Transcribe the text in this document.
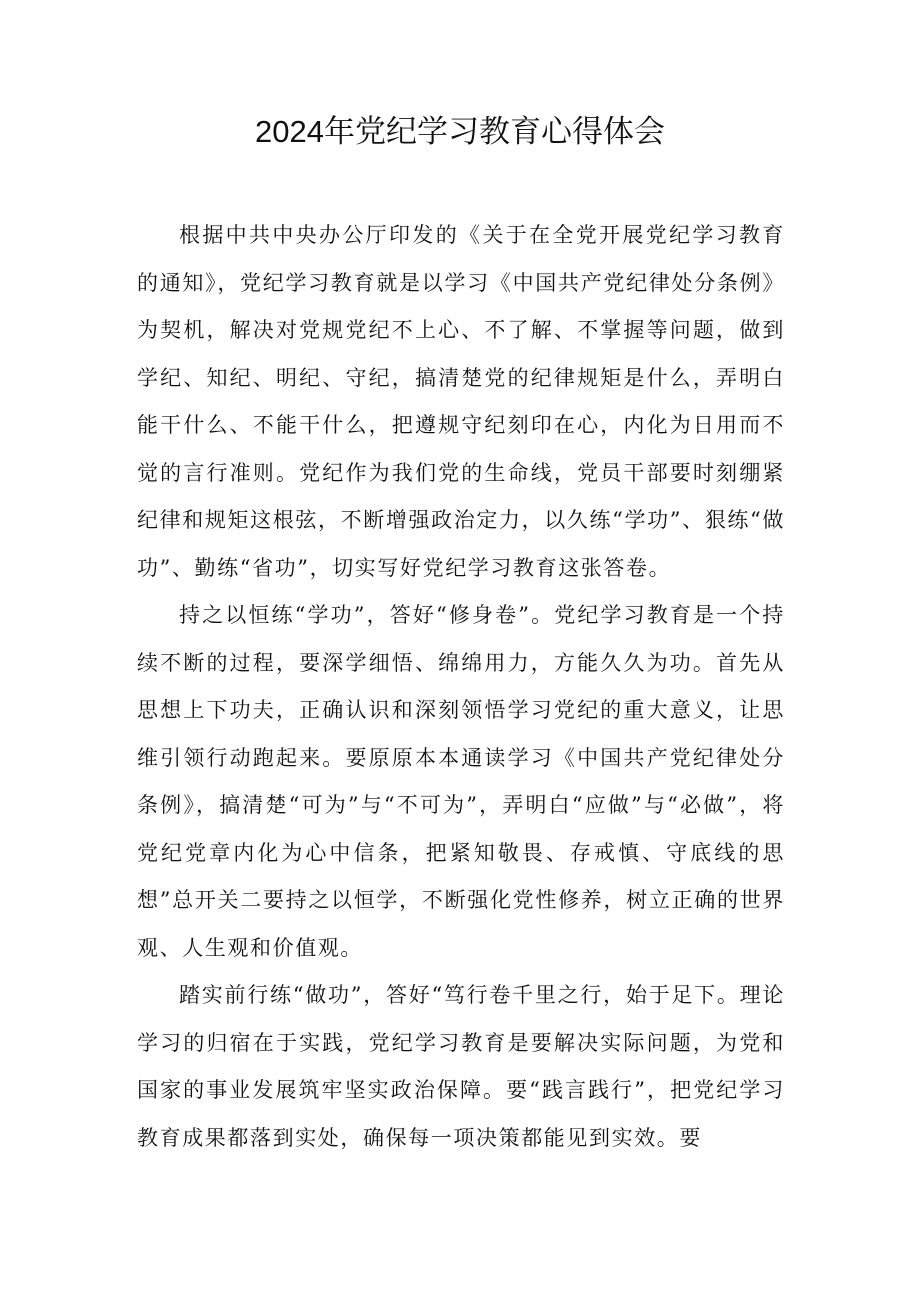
2024年党纪学习教育心得体会

根据中共中央办公厅印发的《关于在全党开展党纪学习教育的通知》，党纪学习教育就是以学习《中国共产党纪律处分条例》为契机，解决对党规党纪不上心、不了解、不掌握等问题，做到学纪、知纪、明纪、守纪，搞清楚党的纪律规矩是什么，弄明白能干什么、不能干什么，把遵规守纪刻印在心，内化为日用而不觉的言行准则。党纪作为我们党的生命线，党员干部要时刻绷紧纪律和规矩这根弦，不断增强政治定力，以久练“学功”、狠练“做功”、勤练“省功”，切实写好党纪学习教育这张答卷。

持之以恒练“学功”，答好“修身卷”。党纪学习教育是一个持续不断的过程，要深学细悟、绵绵用力，方能久久为功。首先从思想上下功夫，正确认识和深刻领悟学习党纪的重大意义，让思维引领行动跑起来。要原原本本通读学习《中国共产党纪律处分条例》，搞清楚“可为”与“不可为”，弄明白“应做”与“必做”，将党纪党章内化为心中信条，把紧知敬畏、存戒慎、守底线的思想”总开关二要持之以恒学，不断强化党性修养，树立正确的世界观、人生观和价值观。

踏实前行练“做功”，答好“笃行卷千里之行，始于足下。理论学习的归宿在于实践，党纪学习教育是要解决实际问题，为党和国家的事业发展筑牢坚实政治保障。要“践言践行”，把党纪学习教育成果都落到实处，确保每一项决策都能见到实效。要
